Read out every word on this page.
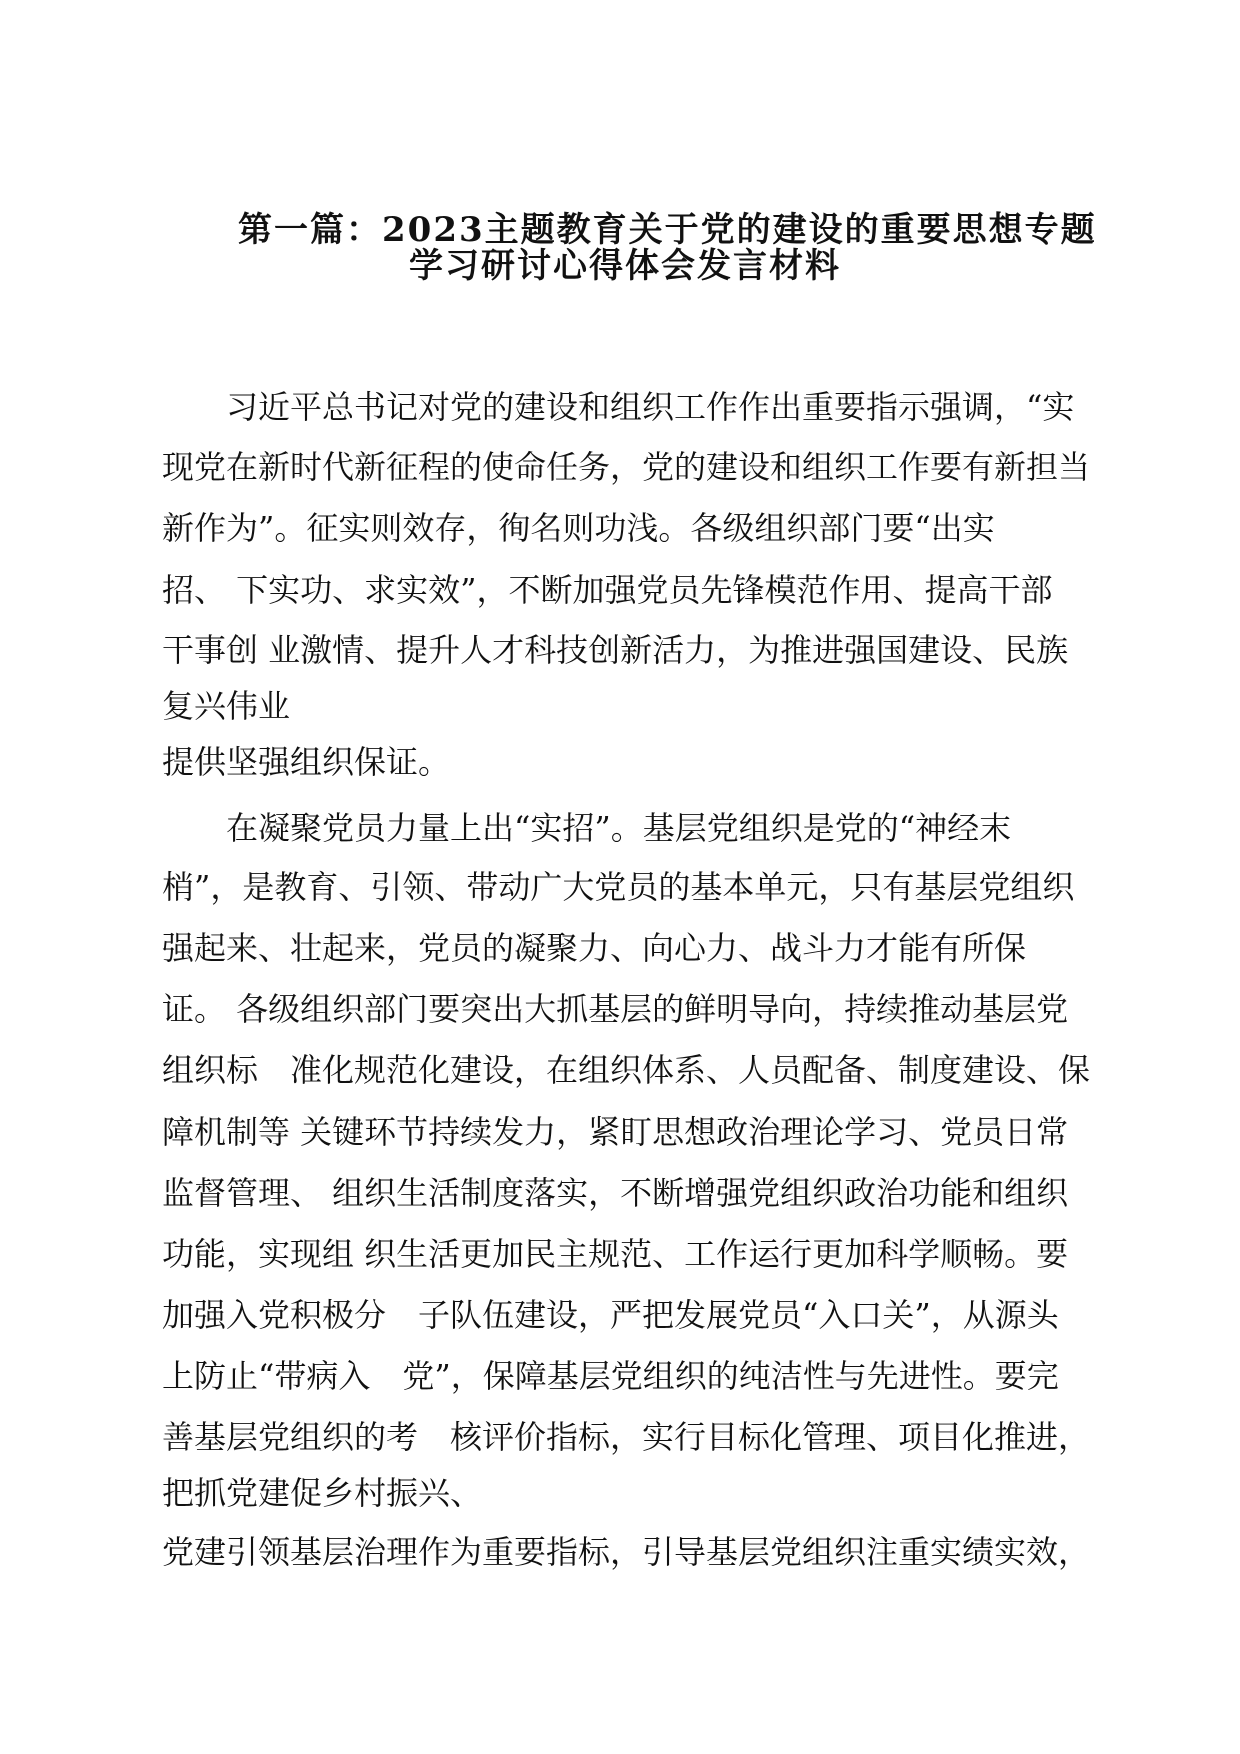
第一篇：2023主题教育关于党的建设的重要思想专题
学习研讨心得体会发言材料
　　习近平总书记对党的建设和组织工作作出重要指示强调，“实
现党在新时代新征程的使命任务，党的建设和组织工作要有新担当
新作为”。征实则效存，徇名则功浅。各级组织部门要“出实
招、 下实功、求实效”，不断加强党员先锋模范作用、提高干部
干事创 业激情、提升人才科技创新活力，为推进强国建设、民族
复兴伟业
提供坚强组织保证。
　　在凝聚党员力量上出“实招”。基层党组织是党的“神经末
梢”，是教育、引领、带动广大党员的基本单元，只有基层党组织
强起来、壮起来，党员的凝聚力、向心力、战斗力才能有所保
证。 各级组织部门要突出大抓基层的鲜明导向，持续推动基层党
组织标　准化规范化建设，在组织体系、人员配备、制度建设、保
障机制等 关键环节持续发力，紧盯思想政治理论学习、党员日常
监督管理、 组织生活制度落实，不断增强党组织政治功能和组织
功能，实现组 织生活更加民主规范、工作运行更加科学顺畅。要
加强入党积极分　子队伍建设，严把发展党员“入口关”，从源头
上防止“带病入　党”，保障基层党组织的纯洁性与先进性。要完
善基层党组织的考　核评价指标，实行目标化管理、项目化推进，
把抓党建促乡村振兴、
党建引领基层治理作为重要指标，引导基层党组织注重实绩实效，
